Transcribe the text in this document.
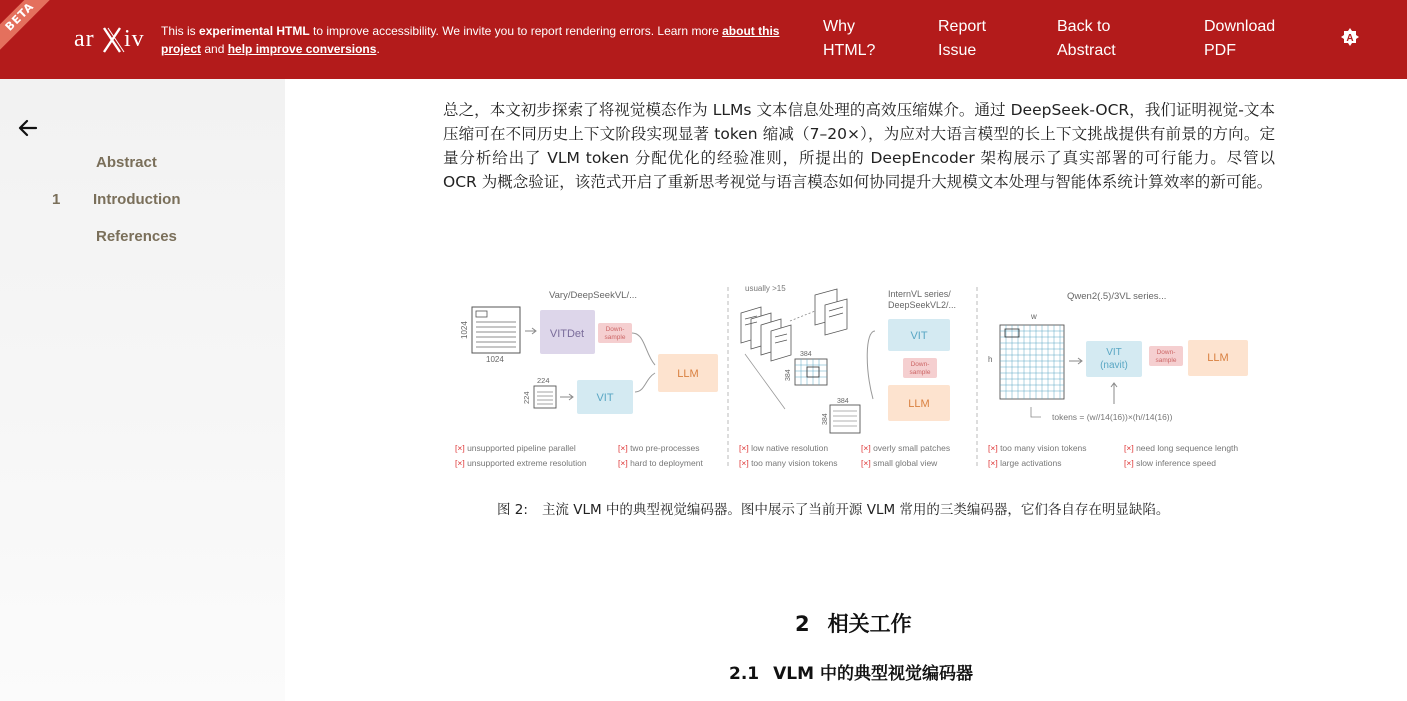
BETA
ar iv This is experimental HTML to improve accessibility. We invite you to report rendering errors. Learn more about this project and help improve conversions.
Why
HTML?
Report
Issue
Back to
Abstract
Download
PDF
A
Abstract
1 Introduction
References

总之，本文初步探索了将视觉模态作为 LLMs 文本信息处理的高效压缩媒介。通过 DeepSeek-OCR，我们证明视觉-文本压缩可在不同历史上下文阶段实现显著 token 缩减（7–20×），为应对大语言模型的长上下文挑战提供有前景的方向。定量分析给出了 VLM token 分配优化的经验准则，所提出的 DeepEncoder 架构展示了真实部署的可行能力。尽管以 OCR 为概念验证，该范式开启了重新思考视觉与语言模态如何协同提升大规模文本处理与智能体系统计算效率的新可能。

Vary/DeepSeekVL/...
1024
1024
VITDet	Down-
sample
LLM
224
224	VIT
[×] unsupported pipeline parallel
[×] unsupported extreme resolution
[×] two pre-processes
[×] hard to deployment
usually >15
384
384
384
384
InternVL series/
DeepSeekVL2/...
VIT
Down-
sample
LLM
[×] low native resolution
[×] too many vision tokens
[×] overly small patches
[×] small global view
Qwen2(.5)/3VL series...
w
h
VIT
(navit)
Down-
sample	LLM
tokens = (w//14(16))×(h//14(16))
[×] too many vision tokens
[×] large activations
[×] need long sequence length
[×] slow inference speed
图 2: 主流 VLM 中的典型视觉编码器。图中展示了当前开源 VLM 常用的三类编码器，它们各自存在明显缺陷。
2 相关工作
2.1 VLM 中的典型视觉编码器
